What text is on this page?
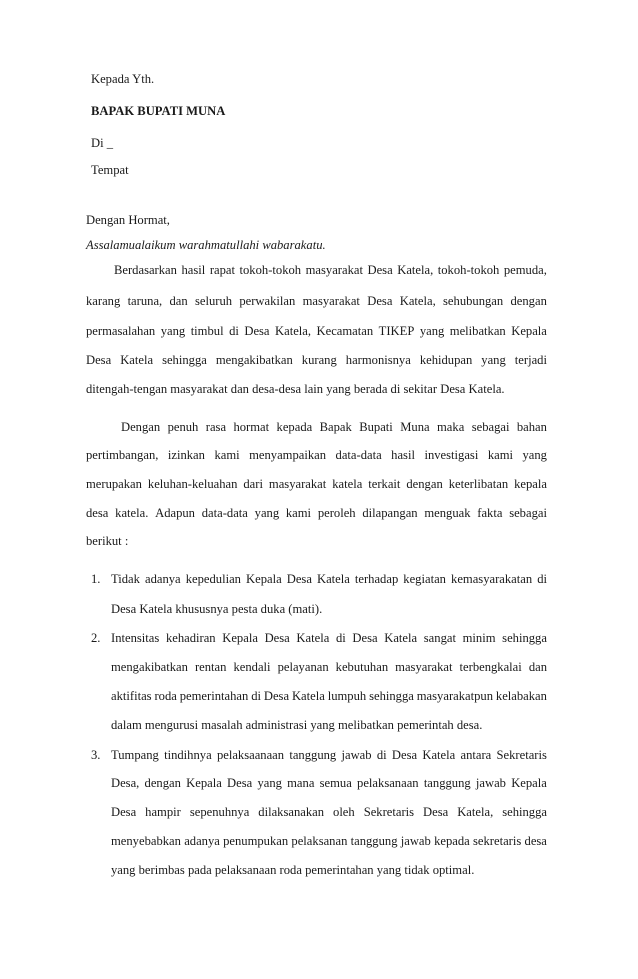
Kepada Yth.
BAPAK BUPATI MUNA
Di _
Tempat
Dengan Hormat,
Assalamualaikum warahmatullahi wabarakatu.
Berdasarkan hasil rapat tokoh-tokoh masyarakat Desa Katela, tokoh-tokoh pemuda,
karang taruna, dan seluruh perwakilan masyarakat Desa Katela, sehubungan dengan
permasalahan yang timbul di Desa Katela, Kecamatan TIKEP yang melibatkan Kepala
Desa Katela sehingga mengakibatkan kurang harmonisnya kehidupan yang terjadi
ditengah-tengan masyarakat dan desa-desa lain yang berada di sekitar Desa Katela.
Dengan penuh rasa hormat kepada Bapak Bupati Muna maka sebagai bahan
pertimbangan, izinkan kami menyampaikan data-data hasil investigasi kami yang
merupakan keluhan-keluahan dari masyarakat katela terkait dengan keterlibatan kepala
desa katela. Adapun data-data yang kami peroleh dilapangan menguak fakta sebagai
berikut :
1. Tidak adanya kepedulian Kepala Desa Katela terhadap kegiatan kemasyarakatan di
Desa Katela khususnya pesta duka (mati).
2. Intensitas kehadiran Kepala Desa Katela di Desa Katela sangat minim sehingga
mengakibatkan rentan kendali pelayanan kebutuhan masyarakat terbengkalai dan
aktifitas roda pemerintahan di Desa Katela lumpuh sehingga masyarakatpun kelabakan
dalam mengurusi masalah administrasi yang melibatkan pemerintah desa.
3. Tumpang tindihnya pelaksaanaan tanggung jawab di Desa Katela antara Sekretaris
Desa, dengan Kepala Desa yang mana semua pelaksanaan tanggung jawab Kepala
Desa hampir sepenuhnya dilaksanakan oleh Sekretaris Desa Katela, sehingga
menyebabkan adanya penumpukan pelaksanan tanggung jawab kepada sekretaris desa
yang berimbas pada pelaksanaan roda pemerintahan yang tidak optimal.
